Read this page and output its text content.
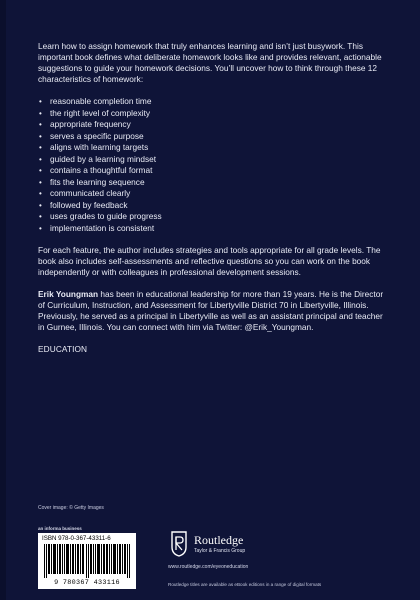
Learn how to assign homework that truly enhances learning and isn’t just busywork. This important book defines what deliberate homework looks like and provides relevant, actionable suggestions to guide your homework decisions. You’ll uncover how to think through these 12 characteristics of homework:

• reasonable completion time
• the right level of complexity
• appropriate frequency
• serves a specific purpose
• aligns with learning targets
• guided by a learning mindset
• contains a thoughtful format
• fits the learning sequence
• communicated clearly
• followed by feedback
• uses grades to guide progress
• implementation is consistent

For each feature, the author includes strategies and tools appropriate for all grade levels. The book also includes self-assessments and reflective questions so you can work on the book independently or with colleagues in professional development sessions.

Erik Youngman has been in educational leadership for more than 19 years. He is the Director of Curriculum, Instruction, and Assessment for Libertyville District 70 in Libertyville, Illinois. Previously, he served as a principal in Libertyville as well as an assistant principal and teacher in Gurnee, Illinois. You can connect with him via Twitter: @Erik_Youngman.

EDUCATION
Cover image: © Getty Images
an informa business
ISBN 978-0-367-43311-6
9 780367 433116
Routledge
Taylor & Francis Group
www.routledge.com/eyeoneducation
Routledge titles are available as eBook editions in a range of digital formats
